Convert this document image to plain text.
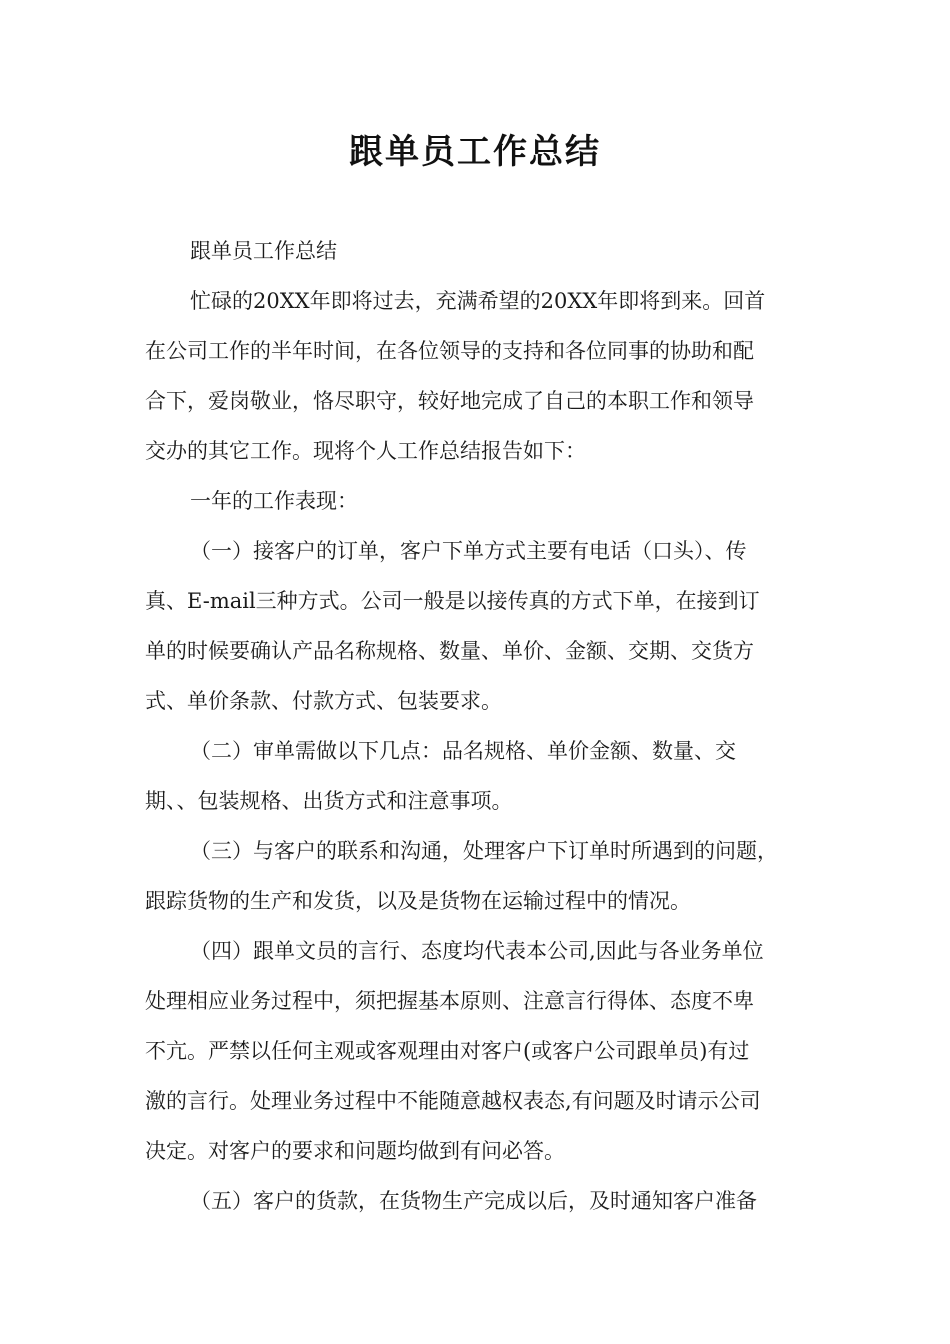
跟单员工作总结
跟单员工作总结
忙碌的20XX年即将过去，充满希望的20XX年即将到来。回首
在公司工作的半年时间，在各位领导的支持和各位同事的协助和配
合下，爱岗敬业，恪尽职守，较好地完成了自己的本职工作和领导
交办的其它工作。现将个人工作总结报告如下：
一年的工作表现：
（一）接客户的订单，客户下单方式主要有电话（口头）、传
真、E-mail三种方式。公司一般是以接传真的方式下单，在接到订
单的时候要确认产品名称规格、数量、单价、金额、交期、交货方
式、单价条款、付款方式、包装要求。
（二）审单需做以下几点：品名规格、单价金额、数量、交
期、、包装规格、出货方式和注意事项。
（三）与客户的联系和沟通，处理客户下订单时所遇到的问题，
跟踪货物的生产和发货，以及是货物在运输过程中的情况。
（四）跟单文员的言行、态度均代表本公司,因此与各业务单位
处理相应业务过程中，须把握基本原则、注意言行得体、态度不卑
不亢。严禁以任何主观或客观理由对客户(或客户公司跟单员)有过
激的言行。处理业务过程中不能随意越权表态,有问题及时请示公司
决定。对客户的要求和问题均做到有问必答。
（五）客户的货款，在货物生产完成以后，及时通知客户准备
